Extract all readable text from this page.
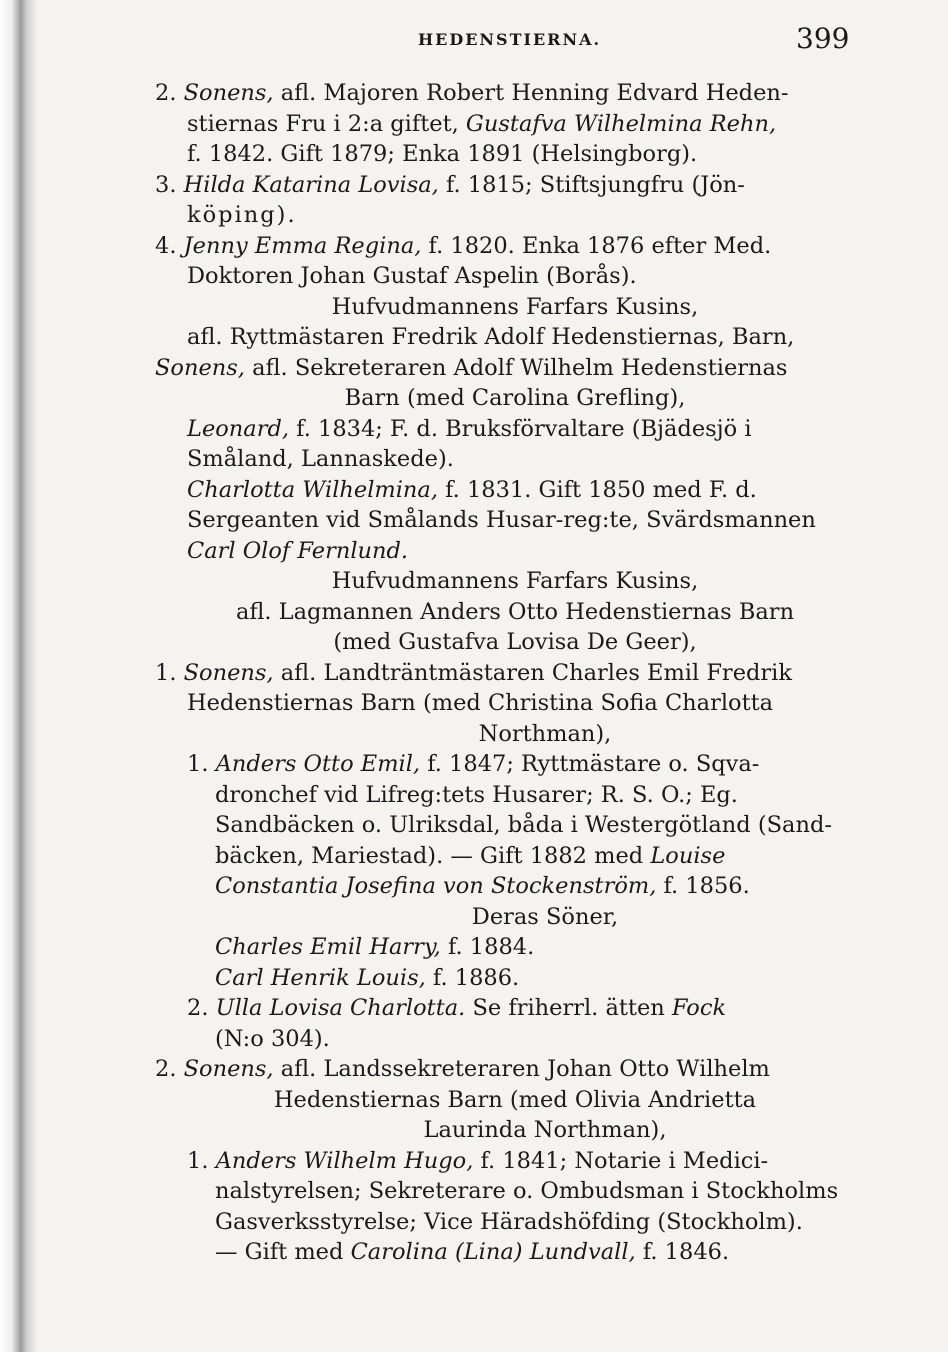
HEDENSTIERNA.	399
2. Sonens, afl. Majoren Robert Henning Edvard Heden-
stiernas Fru i 2:a giftet, Gustafva Wilhelmina Rehn,
f. 1842. Gift 1879; Enka 1891 (Helsingborg).
3. Hilda Katarina Lovisa, f. 1815; Stiftsjungfru (Jön-
köping).
4. Jenny Emma Regina, f. 1820. Enka 1876 efter Med.
Doktoren Johan Gustaf Aspelin (Borås).
Hufvudmannens Farfars Kusins,
afl. Ryttmästaren Fredrik Adolf Hedenstiernas, Barn,
Sonens, afl. Sekreteraren Adolf Wilhelm Hedenstiernas
Barn (med Carolina Grefling),
Leonard, f. 1834; F. d. Bruksförvaltare (Bjädesjö i
Småland, Lannaskede).
Charlotta Wilhelmina, f. 1831. Gift 1850 med F. d.
Sergeanten vid Smålands Husar-reg:te, Svärdsmannen
Carl Olof Fernlund.
Hufvudmannens Farfars Kusins,
afl. Lagmannen Anders Otto Hedenstiernas Barn
(med Gustafva Lovisa De Geer),
1. Sonens, afl. Landträntmästaren Charles Emil Fredrik
Hedenstiernas Barn (med Christina Sofia Charlotta
Northman),
1. Anders Otto Emil, f. 1847; Ryttmästare o. Sqva-
dronchef vid Lifreg:tets Husarer; R. S. O.; Eg.
Sandbäcken o. Ulriksdal, båda i Westergötland (Sand-
bäcken, Mariestad). — Gift 1882 med Louise
Constantia Josefina von Stockenström, f. 1856.
Deras Söner,
Charles Emil Harry, f. 1884.
Carl Henrik Louis, f. 1886.
2. Ulla Lovisa Charlotta. Se friherrl. ätten Fock
(N:o 304).
2. Sonens, afl. Landssekreteraren Johan Otto Wilhelm
Hedenstiernas Barn (med Olivia Andrietta
Laurinda Northman),
1. Anders Wilhelm Hugo, f. 1841; Notarie i Medici-
nalstyrelsen; Sekreterare o. Ombudsman i Stockholms
Gasverksstyrelse; Vice Häradshöfding (Stockholm).
— Gift med Carolina (Lina) Lundvall, f. 1846.
